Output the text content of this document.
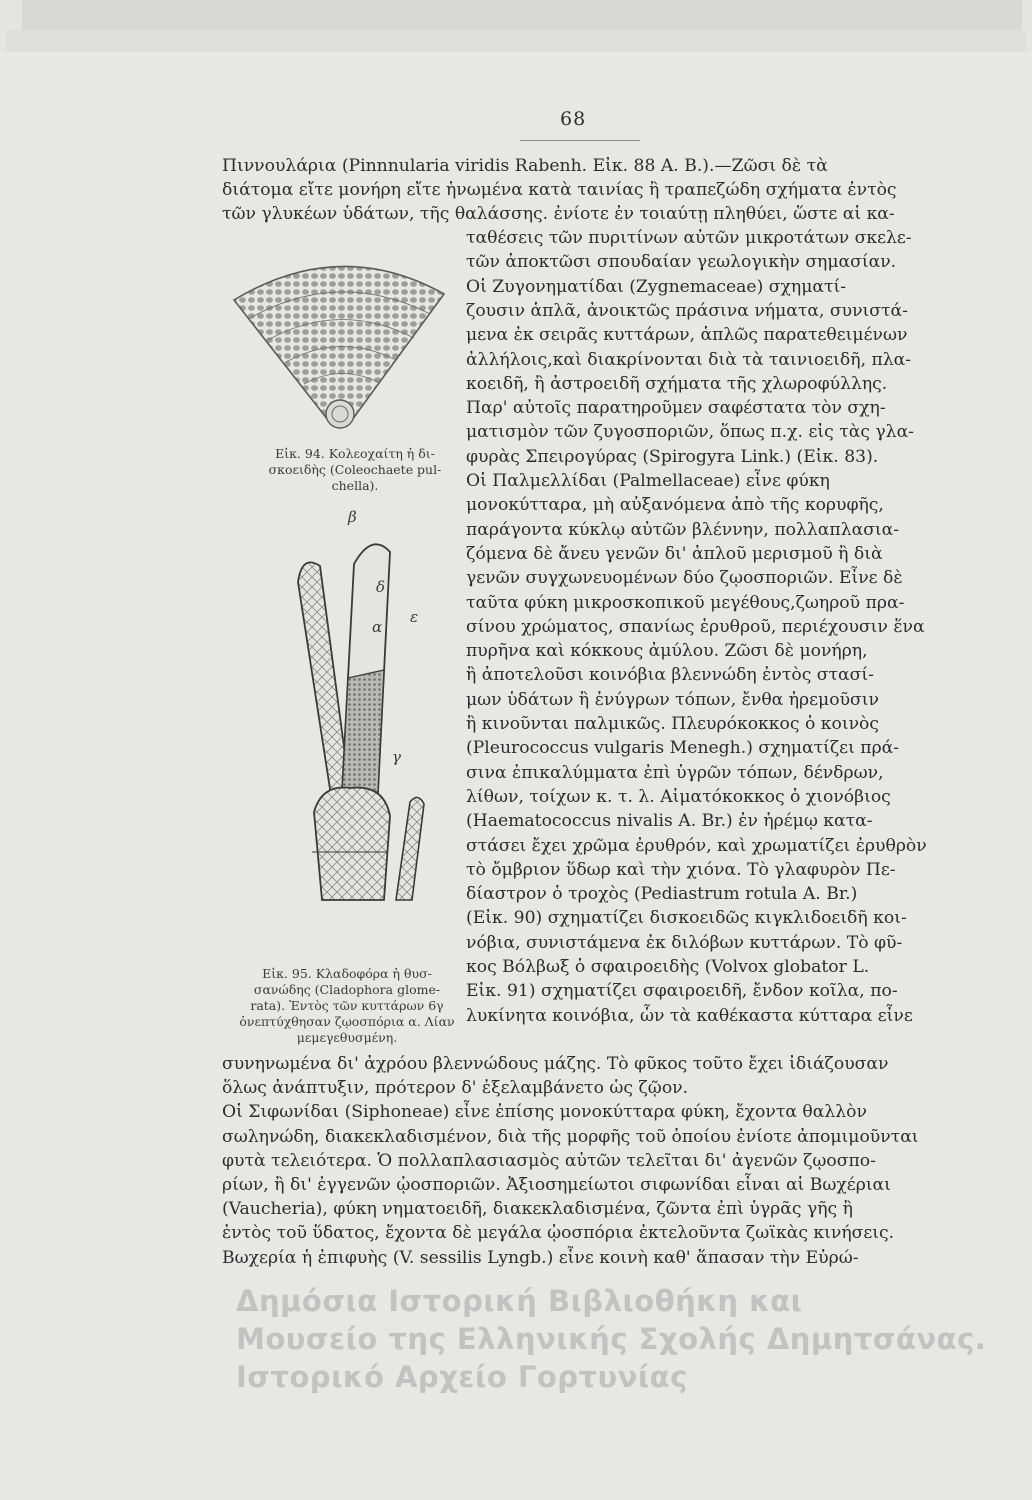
68
Πιννουλάρια (Pinnnularia viridis Rabenh. Εἰκ. 88 A. B.).—Ζῶσι δὲ τὰ
διάτομα εἴτε μονήρη εἴτε ἡνωμένα κατὰ ταινίας ἢ τραπεζώδη σχήματα ἐντὸς
τῶν γλυκέων ὑδάτων, τῆς θαλάσσης. ἐνίοτε ἐν τοιαύτῃ πληθύει, ὥστε αἱ κα-
ταθέσεις τῶν πυριτίνων αὐτῶν μικροτάτων σκελε-
τῶν ἀποκτῶσι σπουδαίαν γεωλογικὴν σημασίαν.
Οἱ Ζυγονηματίδαι (Zygnemaceae) σχηματί-
ζουσιν ἁπλᾶ, ἀνοικτῶς πράσινα νήματα, συνιστά-
μενα ἐκ σειρᾶς κυττάρων, ἁπλῶς παρατεθειμένων
ἀλλήλοις,καὶ διακρίνονται διὰ τὰ ταινιοειδῆ, πλα-
κοειδῆ, ἢ ἀστροειδῆ σχήματα τῆς χλωροφύλλης.
Παρ' αὐτοῖς παρατηροῦμεν σαφέστατα τὸν σχη-
ματισμὸν τῶν ζυγοσποριῶν, ὅπως π.χ. εἰς τὰς γλα-
φυρὰς Σπειρογύρας (Spirogyra Link.) (Εἰκ. 83).
Οἱ Παλμελλίδαι (Palmellaceae) εἶνε φύκη
μονοκύτταρα, μὴ αὐξανόμενα ἀπὸ τῆς κορυφῆς,
παράγοντα κύκλῳ αὐτῶν βλέννην, πολλαπλασια-
ζόμενα δὲ ἄνευ γενῶν δι' ἁπλοῦ μερισμοῦ ἢ διὰ
γενῶν συγχωνευομένων δύο ζῳοσποριῶν. Εἶνε δὲ
ταῦτα φύκη μικροσκοπικοῦ μεγέθους,ζωηροῦ πρα-
σίνου χρώματος, σπανίως ἐρυθροῦ, περιέχουσιν ἕνα
πυρῆνα καὶ κόκκους ἀμύλου. Ζῶσι δὲ μονήρη,
ἢ ἀποτελοῦσι κοινόβια βλεννώδη ἐντὸς στασί-
μων ὑδάτων ἢ ἐνύγρων τόπων, ἔνθα ἠρεμοῦσιν
ἢ κινοῦνται παλμικῶς. Πλευρόκοκκος ὁ κοινὸς
(Pleurococcus vulgaris Menegh.) σχηματίζει πρά-
σινα ἐπικαλύμματα ἐπὶ ὑγρῶν τόπων, δένδρων,
λίθων, τοίχων κ. τ. λ. Αἱματόκοκκος ὁ χιονόβιος
(Haematococcus nivalis A. Br.) ἐν ἠρέμῳ κατα-
στάσει ἔχει χρῶμα ἐρυθρόν, καὶ χρωματίζει ἐρυθρὸν
τὸ ὄμβριον ὕδωρ καὶ τὴν χιόνα. Τὸ γλαφυρὸν Πε-
δίαστρον ὁ τροχὸς (Pediastrum rotula A. Br.)
(Εἰκ. 90) σχηματίζει δισκοειδῶς κιγκλιδοειδῆ κοι-
νόβια, συνιστάμενα ἐκ διλόβων κυττάρων. Τὸ φῦ-
κος Βόλβωξ ὁ σφαιροειδὴς (Volvox globator L.
Εἰκ. 91) σχηματίζει σφαιροειδῆ, ἔνδον κοῖλα, πο-
λυκίνητα κοινόβια, ὧν τὰ καθέκαστα κύτταρα εἶνε
Εἰκ. 94. Κολεοχαίτη ἡ δι-
σκοειδὴς (Coleochaete pul-
chella).
β
δ
α
ε
γ
Εἰκ. 95. Κλαδοφόρα ἡ θυσ-
σανώδης (Cladophora glome-
rata). Ἐντὸς τῶν κυττάρων 6γ
ὀνεπτύχθησαν ζῳοσπόρια α. Λίαν
μεμεγεθυσμένη.
συνηνωμένα δι' ἀχρόου βλεννώδους μάζης. Τὸ φῦκος τοῦτο ἔχει ἰδιάζουσαν
ὅλως ἀνάπτυξιν, πρότερον δ' ἐξελαμβάνετο ὡς ζῷον.
Οἱ Σιφωνίδαι (Siphoneae) εἶνε ἐπίσης μονοκύτταρα φύκη, ἔχοντα θαλλὸν
σωληνώδη, διακεκλαδισμένον, διὰ τῆς μορφῆς τοῦ ὁποίου ἐνίοτε ἀπομιμοῦνται
φυτὰ τελειότερα. Ὁ πολλαπλασιασμὸς αὐτῶν τελεῖται δι' ἀγενῶν ζῳοσπο-
ρίων, ἢ δι' ἐγγενῶν ᾠοσποριῶν. Ἀξιοσημείωτοι σιφωνίδαι εἶναι αἱ Βωχέριαι
(Vaucheria), φύκη νηματοειδῆ, διακεκλαδισμένα, ζῶντα ἐπὶ ὑγρᾶς γῆς ἢ
ἐντὸς τοῦ ὕδατος, ἔχοντα δὲ μεγάλα ᾠοσπόρια ἐκτελοῦντα ζωϊκὰς κινήσεις.
Βωχερία ἡ ἐπιφυὴς (V. sessilis Lyngb.) εἶνε κοινὴ καθ' ἅπασαν τὴν Εὐρώ-
Δημόσια Ιστορική Βιβλιοθήκη και
Μουσείο της Ελληνικής Σχολής Δημητσάνας.
Ιστορικό Αρχείο Γορτυνίας
